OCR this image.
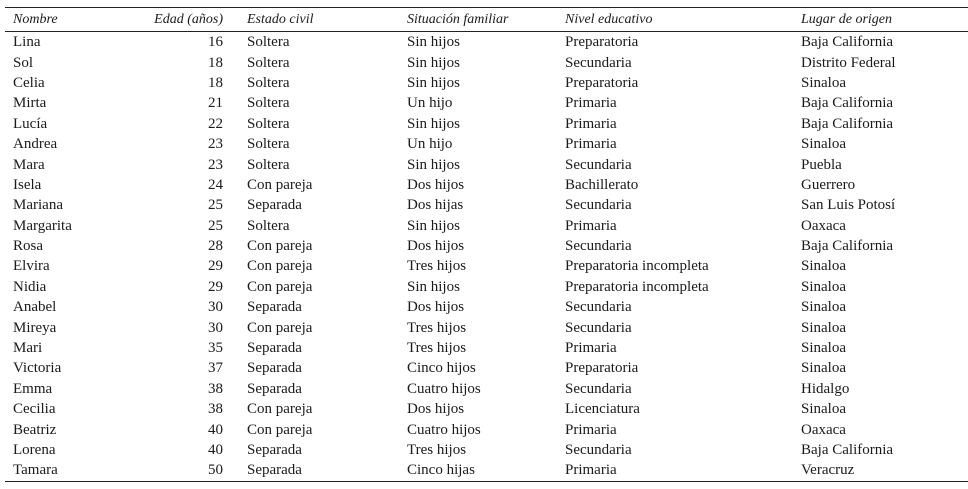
Nombre	Edad (años)	Estado civil	Situación familiar	Nivel educativo	Lugar de origen
Lina	16	Soltera	Sin hijos	Preparatoria	Baja California
Sol	18	Soltera	Sin hijos	Secundaria	Distrito Federal
Celia	18	Soltera	Sin hijos	Preparatoria	Sinaloa
Mirta	21	Soltera	Un hijo	Primaria	Baja California
Lucía	22	Soltera	Sin hijos	Primaria	Baja California
Andrea	23	Soltera	Un hijo	Primaria	Sinaloa
Mara	23	Soltera	Sin hijos	Secundaria	Puebla
Isela	24	Con pareja	Dos hijos	Bachillerato	Guerrero
Mariana	25	Separada	Dos hijas	Secundaria	San Luis Potosí
Margarita	25	Soltera	Sin hijos	Primaria	Oaxaca
Rosa	28	Con pareja	Dos hijos	Secundaria	Baja California
Elvira	29	Con pareja	Tres hijos	Preparatoria incompleta	Sinaloa
Nidia	29	Con pareja	Sin hijos	Preparatoria incompleta	Sinaloa
Anabel	30	Separada	Dos hijos	Secundaria	Sinaloa
Mireya	30	Con pareja	Tres hijos	Secundaria	Sinaloa
Mari	35	Separada	Tres hijos	Primaria	Sinaloa
Victoria	37	Separada	Cinco hijos	Preparatoria	Sinaloa
Emma	38	Separada	Cuatro hijos	Secundaria	Hidalgo
Cecilia	38	Con pareja	Dos hijos	Licenciatura	Sinaloa
Beatriz	40	Con pareja	Cuatro hijos	Primaria	Oaxaca
Lorena	40	Separada	Tres hijos	Secundaria	Baja California
Tamara	50	Separada	Cinco hijas	Primaria	Veracruz
